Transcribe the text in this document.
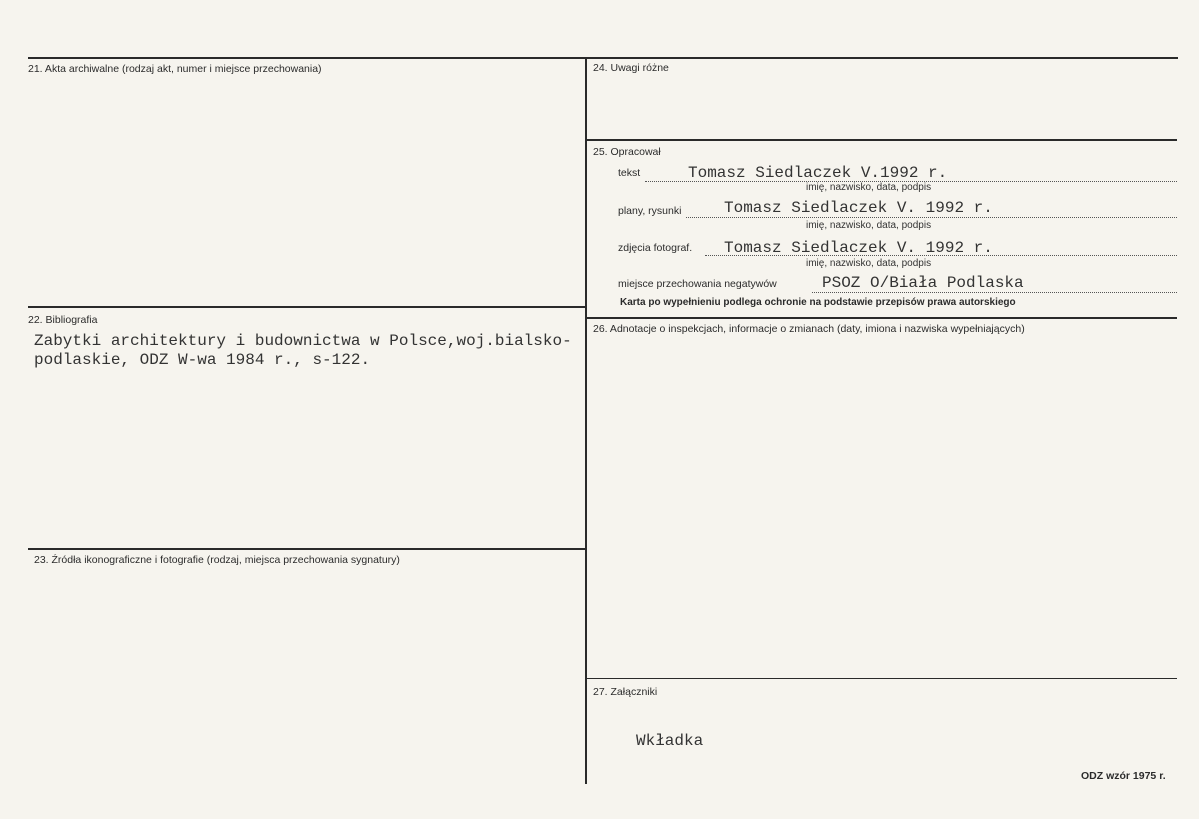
21. Akta archiwalne (rodzaj akt, numer i miejsce przechowania)
22. Bibliografia
Zabytki architektury i budownictwa w Polsce,woj.bialsko-
podlaskie, ODZ W-wa 1984 r., s-122.
23. Źródła ikonograficzne i fotografie (rodzaj, miejsca przechowania sygnatury)
24. Uwagi różne
25. Opracował
tekst	Tomasz Siedlaczek V.1992 r.
imię, nazwisko, data, podpis
plany, rysunki	Tomasz Siedlaczek V. 1992 r.
imię, nazwisko, data, podpis
zdjęcia fotograf. Tomasz Siedlaczek V. 1992 r.
imię, nazwisko, data, podpis
miejsce przechowania negatywów	PSOZ O/Biała Podlaska
Karta po wypełnieniu podlega ochronie na podstawie przepisów prawa autorskiego
26. Adnotacje o inspekcjach, informacje o zmianach (daty, imiona i nazwiska wypełniających)
27. Załączniki
Wkładka
ODZ wzór 1975 r.
